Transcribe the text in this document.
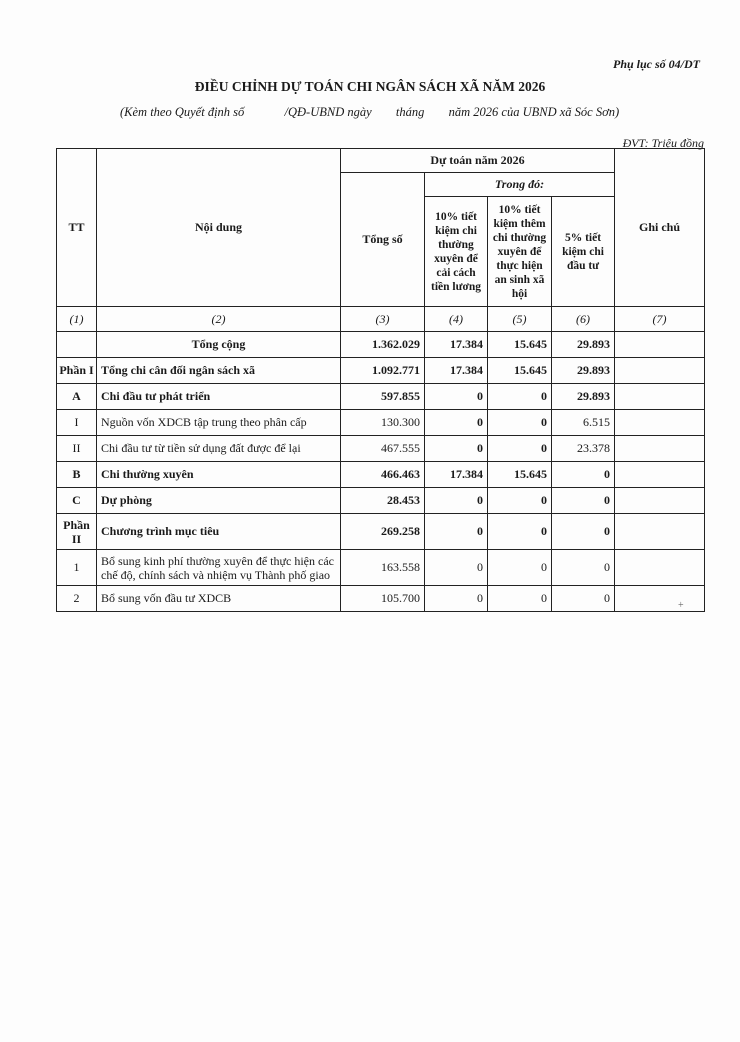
Phụ lục số 04/DT
ĐIỀU CHỈNH DỰ TOÁN CHI NGÂN SÁCH XÃ NĂM 2026
(Kèm theo Quyết định số	/QĐ-UBND ngày tháng năm 2026 của UBND xã Sóc Sơn)
ĐVT: Triệu đồng
TT	Nội dung	Dự toán năm 2026				Ghi chú
		Tổng số	Trong đó:			
			10% tiết kiệm chi thường xuyên để cải cách tiền lương	10% tiết kiệm thêm chi thường xuyên để thực hiện an sinh xã hội	5% tiết kiệm chi đầu tư	
(1)	(2)	(3)	(4)	(5)	(6)	(7)
	Tổng cộng	1.362.029	17.384	15.645	29.893	
Phần I	Tổng chi cân đối ngân sách xã	1.092.771	17.384	15.645	29.893	
A	Chi đầu tư phát triển	597.855	0	0	29.893	
I	Nguồn vốn XDCB tập trung theo phân cấp	130.300	0	0	6.515	
II	Chi đầu tư từ tiền sử dụng đất được để lại	467.555	0	0	23.378	
B	Chi thường xuyên	466.463	17.384	15.645	0	
C	Dự phòng	28.453	0	0	0	
Phần II	Chương trình mục tiêu	269.258	0	0	0	
1	Bổ sung kinh phí thường xuyên để thực hiện các chế độ, chính sách và nhiệm vụ Thành phố giao	163.558	0	0	0	
2	Bổ sung vốn đầu tư XDCB	105.700	0	0	0	
+
